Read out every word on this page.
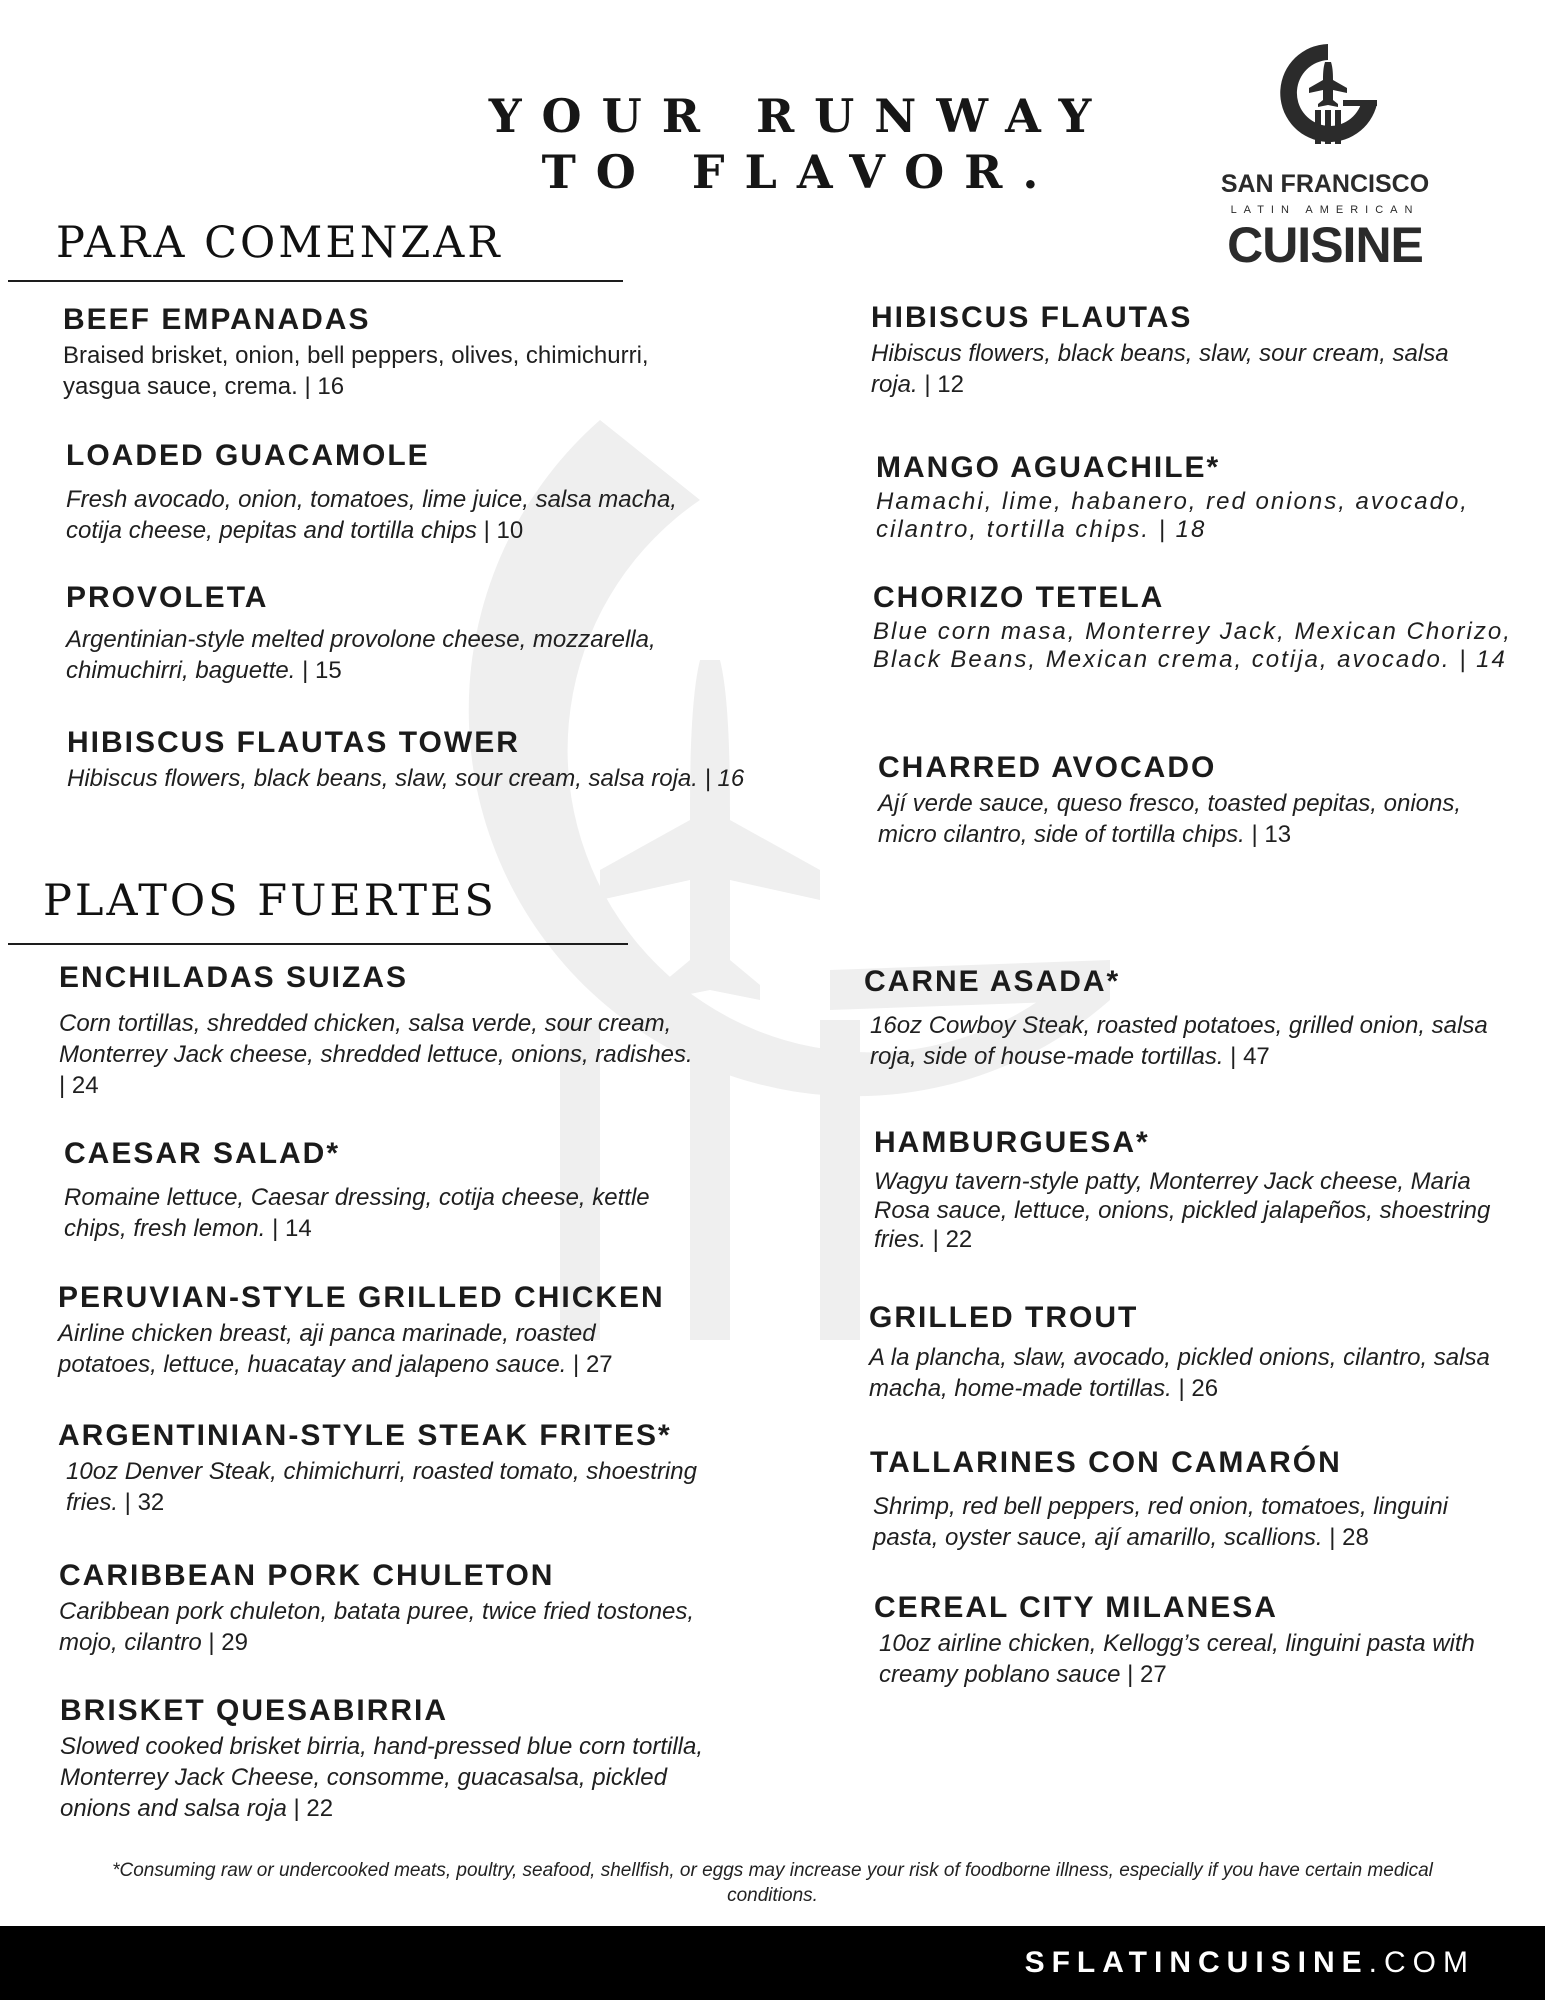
YOUR RUNWAY
TO FLAVOR.	SAN FRANCISCO
LATIN AMERICAN
CUISINE
PARA COMENZAR
BEEF EMPANADAS
Braised brisket, onion, bell peppers, olives, chimichurri, yasgua sauce, crema. | 16
LOADED GUACAMOLE
Fresh avocado, onion, tomatoes, lime juice, salsa macha, cotija cheese, pepitas and tortilla chips | 10
PROVOLETA
Argentinian-style melted provolone cheese, mozzarella, chimuchirri, baguette. | 15
HIBISCUS FLAUTAS TOWER
Hibiscus flowers, black beans, slaw, sour cream, salsa roja. | 16
HIBISCUS FLAUTAS
Hibiscus flowers, black beans, slaw, sour cream, salsa roja. | 12
MANGO AGUACHILE*
Hamachi, lime, habanero, red onions, avocado, cilantro, tortilla chips. | 18
CHORIZO TETELA
Blue corn masa, Monterrey Jack, Mexican Chorizo, Black Beans, Mexican crema, cotija, avocado. | 14
CHARRED AVOCADO
Ají verde sauce, queso fresco, toasted pepitas, onions, micro cilantro, side of tortilla chips. | 13
PLATOS FUERTES
ENCHILADAS SUIZAS
Corn tortillas, shredded chicken, salsa verde, sour cream, Monterrey Jack cheese, shredded lettuce, onions, radishes. | 24
CAESAR SALAD*
Romaine lettuce, Caesar dressing, cotija cheese, kettle chips, fresh lemon. | 14
PERUVIAN-STYLE GRILLED CHICKEN
Airline chicken breast, aji panca marinade, roasted potatoes, lettuce, huacatay and jalapeno sauce. | 27
ARGENTINIAN-STYLE STEAK FRITES*
10oz Denver Steak, chimichurri, roasted tomato, shoestring fries. | 32
CARIBBEAN PORK CHULETON
Caribbean pork chuleton, batata puree, twice fried tostones, mojo, cilantro | 29
BRISKET QUESABIRRIA
Slowed cooked brisket birria, hand-pressed blue corn tortilla, Monterrey Jack Cheese, consomme, guacasalsa, pickled onions and salsa roja | 22
CARNE ASADA*
16oz Cowboy Steak, roasted potatoes, grilled onion, salsa roja, side of house-made tortillas. | 47
HAMBURGUESA*
Wagyu tavern-style patty, Monterrey Jack cheese, Maria Rosa sauce, lettuce, onions, pickled jalapeños, shoestring fries. | 22
GRILLED TROUT
A la plancha, slaw, avocado, pickled onions, cilantro, salsa macha, home-made tortillas. | 26
TALLARINES CON CAMARÓN
Shrimp, red bell peppers, red onion, tomatoes, linguini pasta, oyster sauce, ají amarillo, scallions. | 28
CEREAL CITY MILANESA
10oz airline chicken, Kellogg’s cereal, linguini pasta with creamy poblano sauce | 27
*Consuming raw or undercooked meats, poultry, seafood, shellfish, or eggs may increase your risk of foodborne illness, especially if you have certain medical conditions.
SFLATINCUISINE.COM
